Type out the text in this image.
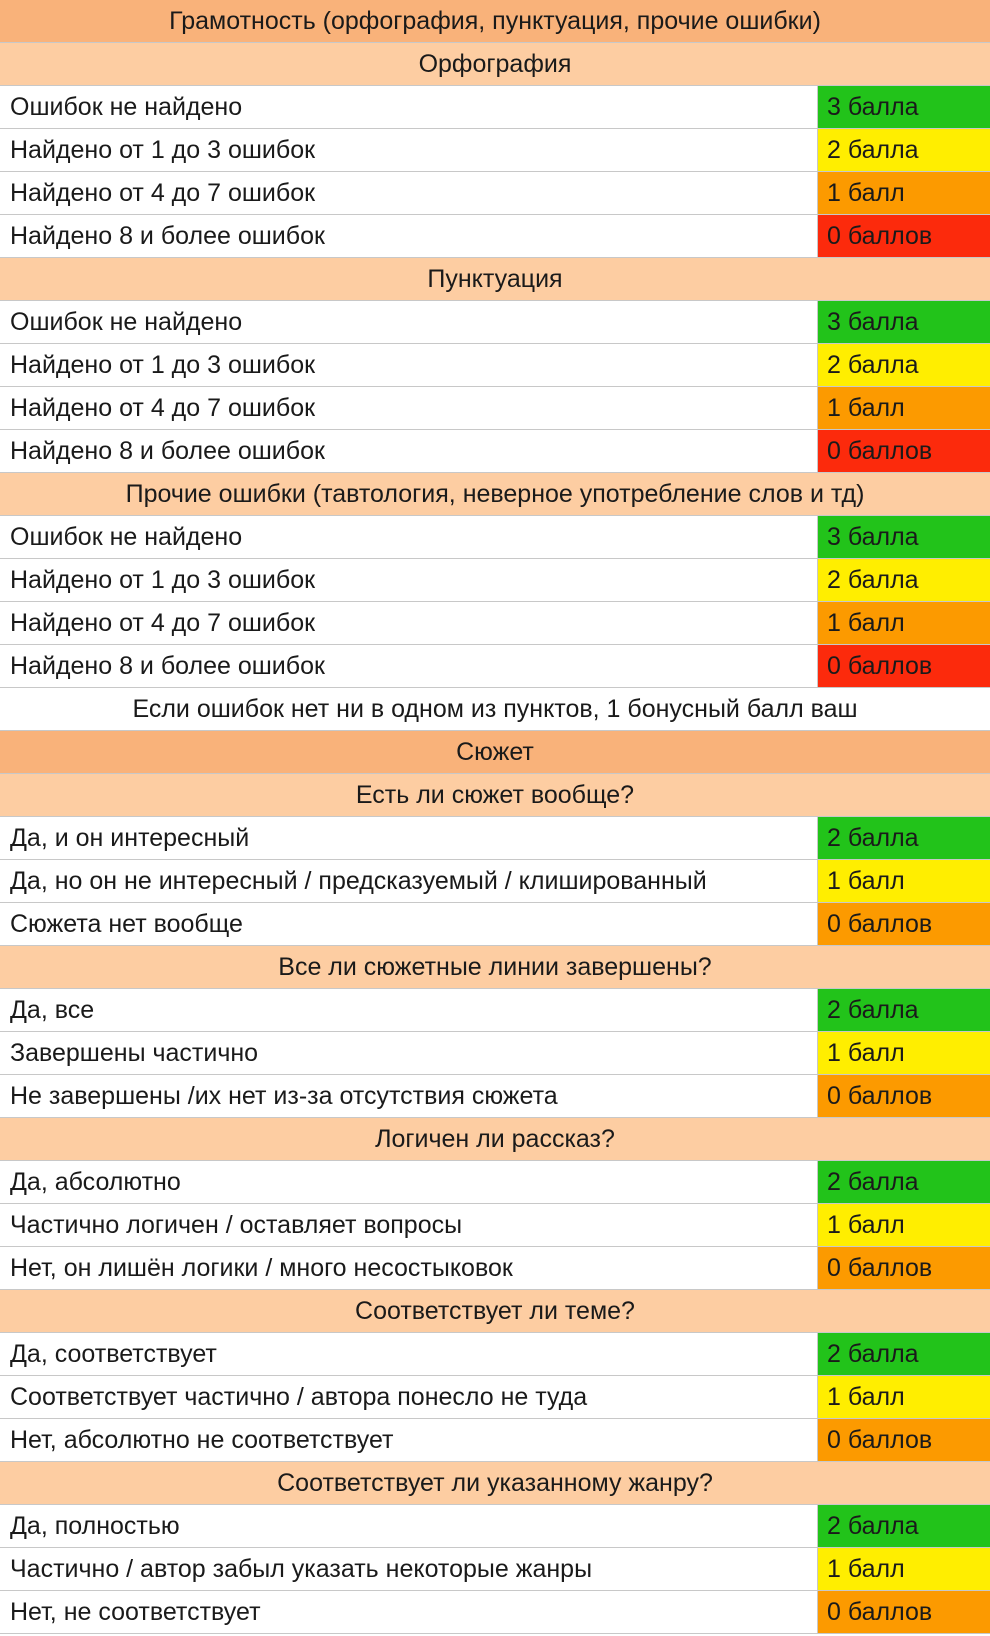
Грамотность (орфография, пунктуация, прочие ошибки)
Орфография
Ошибок не найдено	3 балла
Найдено от 1 до 3 ошибок	2 балла
Найдено от 4 до 7 ошибок	1 балл
Найдено 8 и более ошибок	0 баллов
Пунктуация
Ошибок не найдено	3 балла
Найдено от 1 до 3 ошибок	2 балла
Найдено от 4 до 7 ошибок	1 балл
Найдено 8 и более ошибок	0 баллов
Прочие ошибки (тавтология, неверное употребление слов и тд)
Ошибок не найдено	3 балла
Найдено от 1 до 3 ошибок	2 балла
Найдено от 4 до 7 ошибок	1 балл
Найдено 8 и более ошибок	0 баллов
Если ошибок нет ни в одном из пунктов, 1 бонусный балл ваш
Сюжет
Есть ли сюжет вообще?
Да, и он интересный	2 балла
Да, но он не интересный / предсказуемый / клишированный	1 балл
Сюжета нет вообще	0 баллов
Все ли сюжетные линии завершены?
Да, все	2 балла
Завершены частично	1 балл
Не завершены /их нет из-за отсутствия сюжета	0 баллов
Логичен ли рассказ?
Да, абсолютно	2 балла
Частично логичен / оставляет вопросы	1 балл
Нет, он лишён логики / много несостыковок	0 баллов
Соответствует ли теме?
Да, соответствует	2 балла
Соответствует частично / автора понесло не туда	1 балл
Нет, абсолютно не соответствует	0 баллов
Соответствует ли указанному жанру?
Да, полностью	2 балла
Частично / автор забыл указать некоторые жанры	1 балл
Нет, не соответствует	0 баллов
